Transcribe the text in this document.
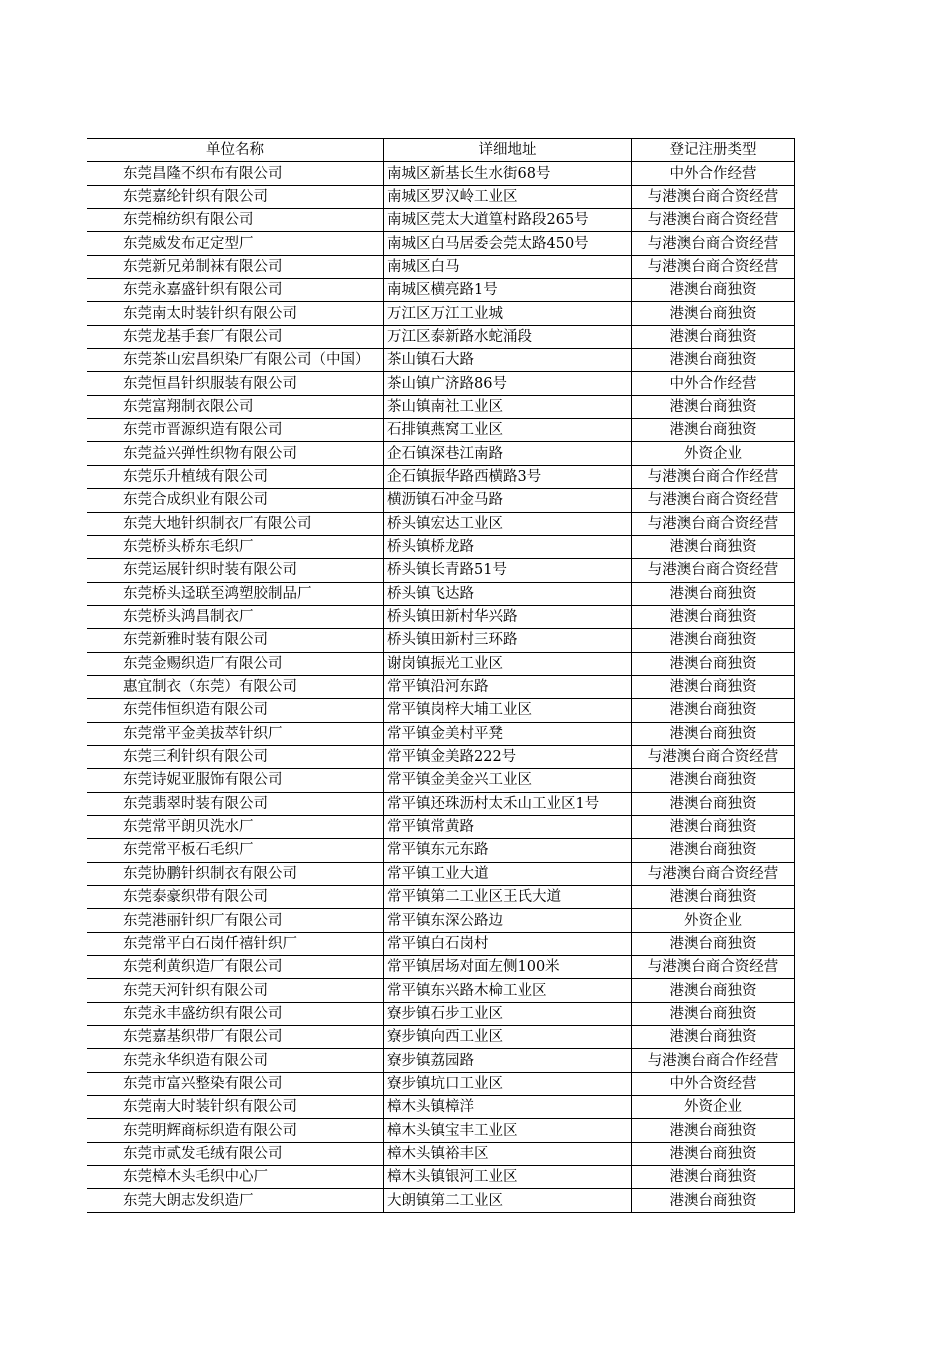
单位名称	详细地址	登记注册类型
东莞昌隆不织布有限公司	南城区新基长生水街68号	中外合作经营
东莞嘉纶针织有限公司	南城区罗汉岭工业区	与港澳台商合资经营
东莞棉纺织有限公司	南城区莞太大道篁村路段265号	与港澳台商合资经营
东莞威发布疋定型厂	南城区白马居委会莞太路450号	与港澳台商合资经营
东莞新兄弟制袜有限公司	南城区白马	与港澳台商合资经营
东莞永嘉盛针织有限公司	南城区横亮路1号	港澳台商独资
东莞南太时装针织有限公司	万江区万江工业城	港澳台商独资
东莞龙基手套厂有限公司	万江区泰新路水蛇涌段	港澳台商独资
东莞茶山宏昌织染厂有限公司（中国）	茶山镇石大路	港澳台商独资
东莞恒昌针织服装有限公司	茶山镇广济路86号	中外合作经营
东莞富翔制衣限公司	茶山镇南社工业区	港澳台商独资
东莞市晋源织造有限公司	石排镇燕窝工业区	港澳台商独资
东莞益兴弹性织物有限公司	企石镇深巷江南路	外资企业
东莞乐升植绒有限公司	企石镇振华路西横路3号	与港澳台商合作经营
东莞合成织业有限公司	横沥镇石冲金马路	与港澳台商合资经营
东莞大地针织制衣厂有限公司	桥头镇宏达工业区	与港澳台商合资经营
东莞桥头桥东毛织厂	桥头镇桥龙路	港澳台商独资
东莞运展针织时装有限公司	桥头镇长青路51号	与港澳台商合资经营
东莞桥头迳联至鸿塑胶制品厂	桥头镇飞达路	港澳台商独资
东莞桥头鸿昌制衣厂	桥头镇田新村华兴路	港澳台商独资
东莞新雅时装有限公司	桥头镇田新村三环路	港澳台商独资
东莞金赐织造厂有限公司	谢岗镇振光工业区	港澳台商独资
惠宜制衣（东莞）有限公司	常平镇沿河东路	港澳台商独资
东莞伟恒织造有限公司	常平镇岗梓大埔工业区	港澳台商独资
东莞常平金美拔萃针织厂	常平镇金美村平凳	港澳台商独资
东莞三利针织有限公司	常平镇金美路222号	与港澳台商合资经营
东莞诗妮亚服饰有限公司	常平镇金美金兴工业区	港澳台商独资
东莞翡翠时装有限公司	常平镇还珠沥村太禾山工业区1号	港澳台商独资
东莞常平朗贝洗水厂	常平镇常黄路	港澳台商独资
东莞常平板石毛织厂	常平镇东元东路	港澳台商独资
东莞协鹏针织制衣有限公司	常平镇工业大道	与港澳台商合资经营
东莞泰豪织带有限公司	常平镇第二工业区王氏大道	港澳台商独资
东莞港丽针织厂有限公司	常平镇东深公路边	外资企业
东莞常平白石岗仟禧针织厂	常平镇白石岗村	港澳台商独资
东莞利黄织造厂有限公司	常平镇居场对面左侧100米	与港澳台商合资经营
东莞天河针织有限公司	常平镇东兴路木椧工业区	港澳台商独资
东莞永丰盛纺织有限公司	寮步镇石步工业区	港澳台商独资
东莞嘉基织带厂有限公司	寮步镇向西工业区	港澳台商独资
东莞永华织造有限公司	寮步镇荔园路	与港澳台商合作经营
东莞市富兴整染有限公司	寮步镇坑口工业区	中外合资经营
东莞南大时装针织有限公司	樟木头镇樟洋	外资企业
东莞明辉商标织造有限公司	樟木头镇宝丰工业区	港澳台商独资
东莞市贰发毛绒有限公司	樟木头镇裕丰区	港澳台商独资
东莞樟木头毛织中心厂	樟木头镇银河工业区	港澳台商独资
东莞大朗志发织造厂	大朗镇第二工业区	港澳台商独资
